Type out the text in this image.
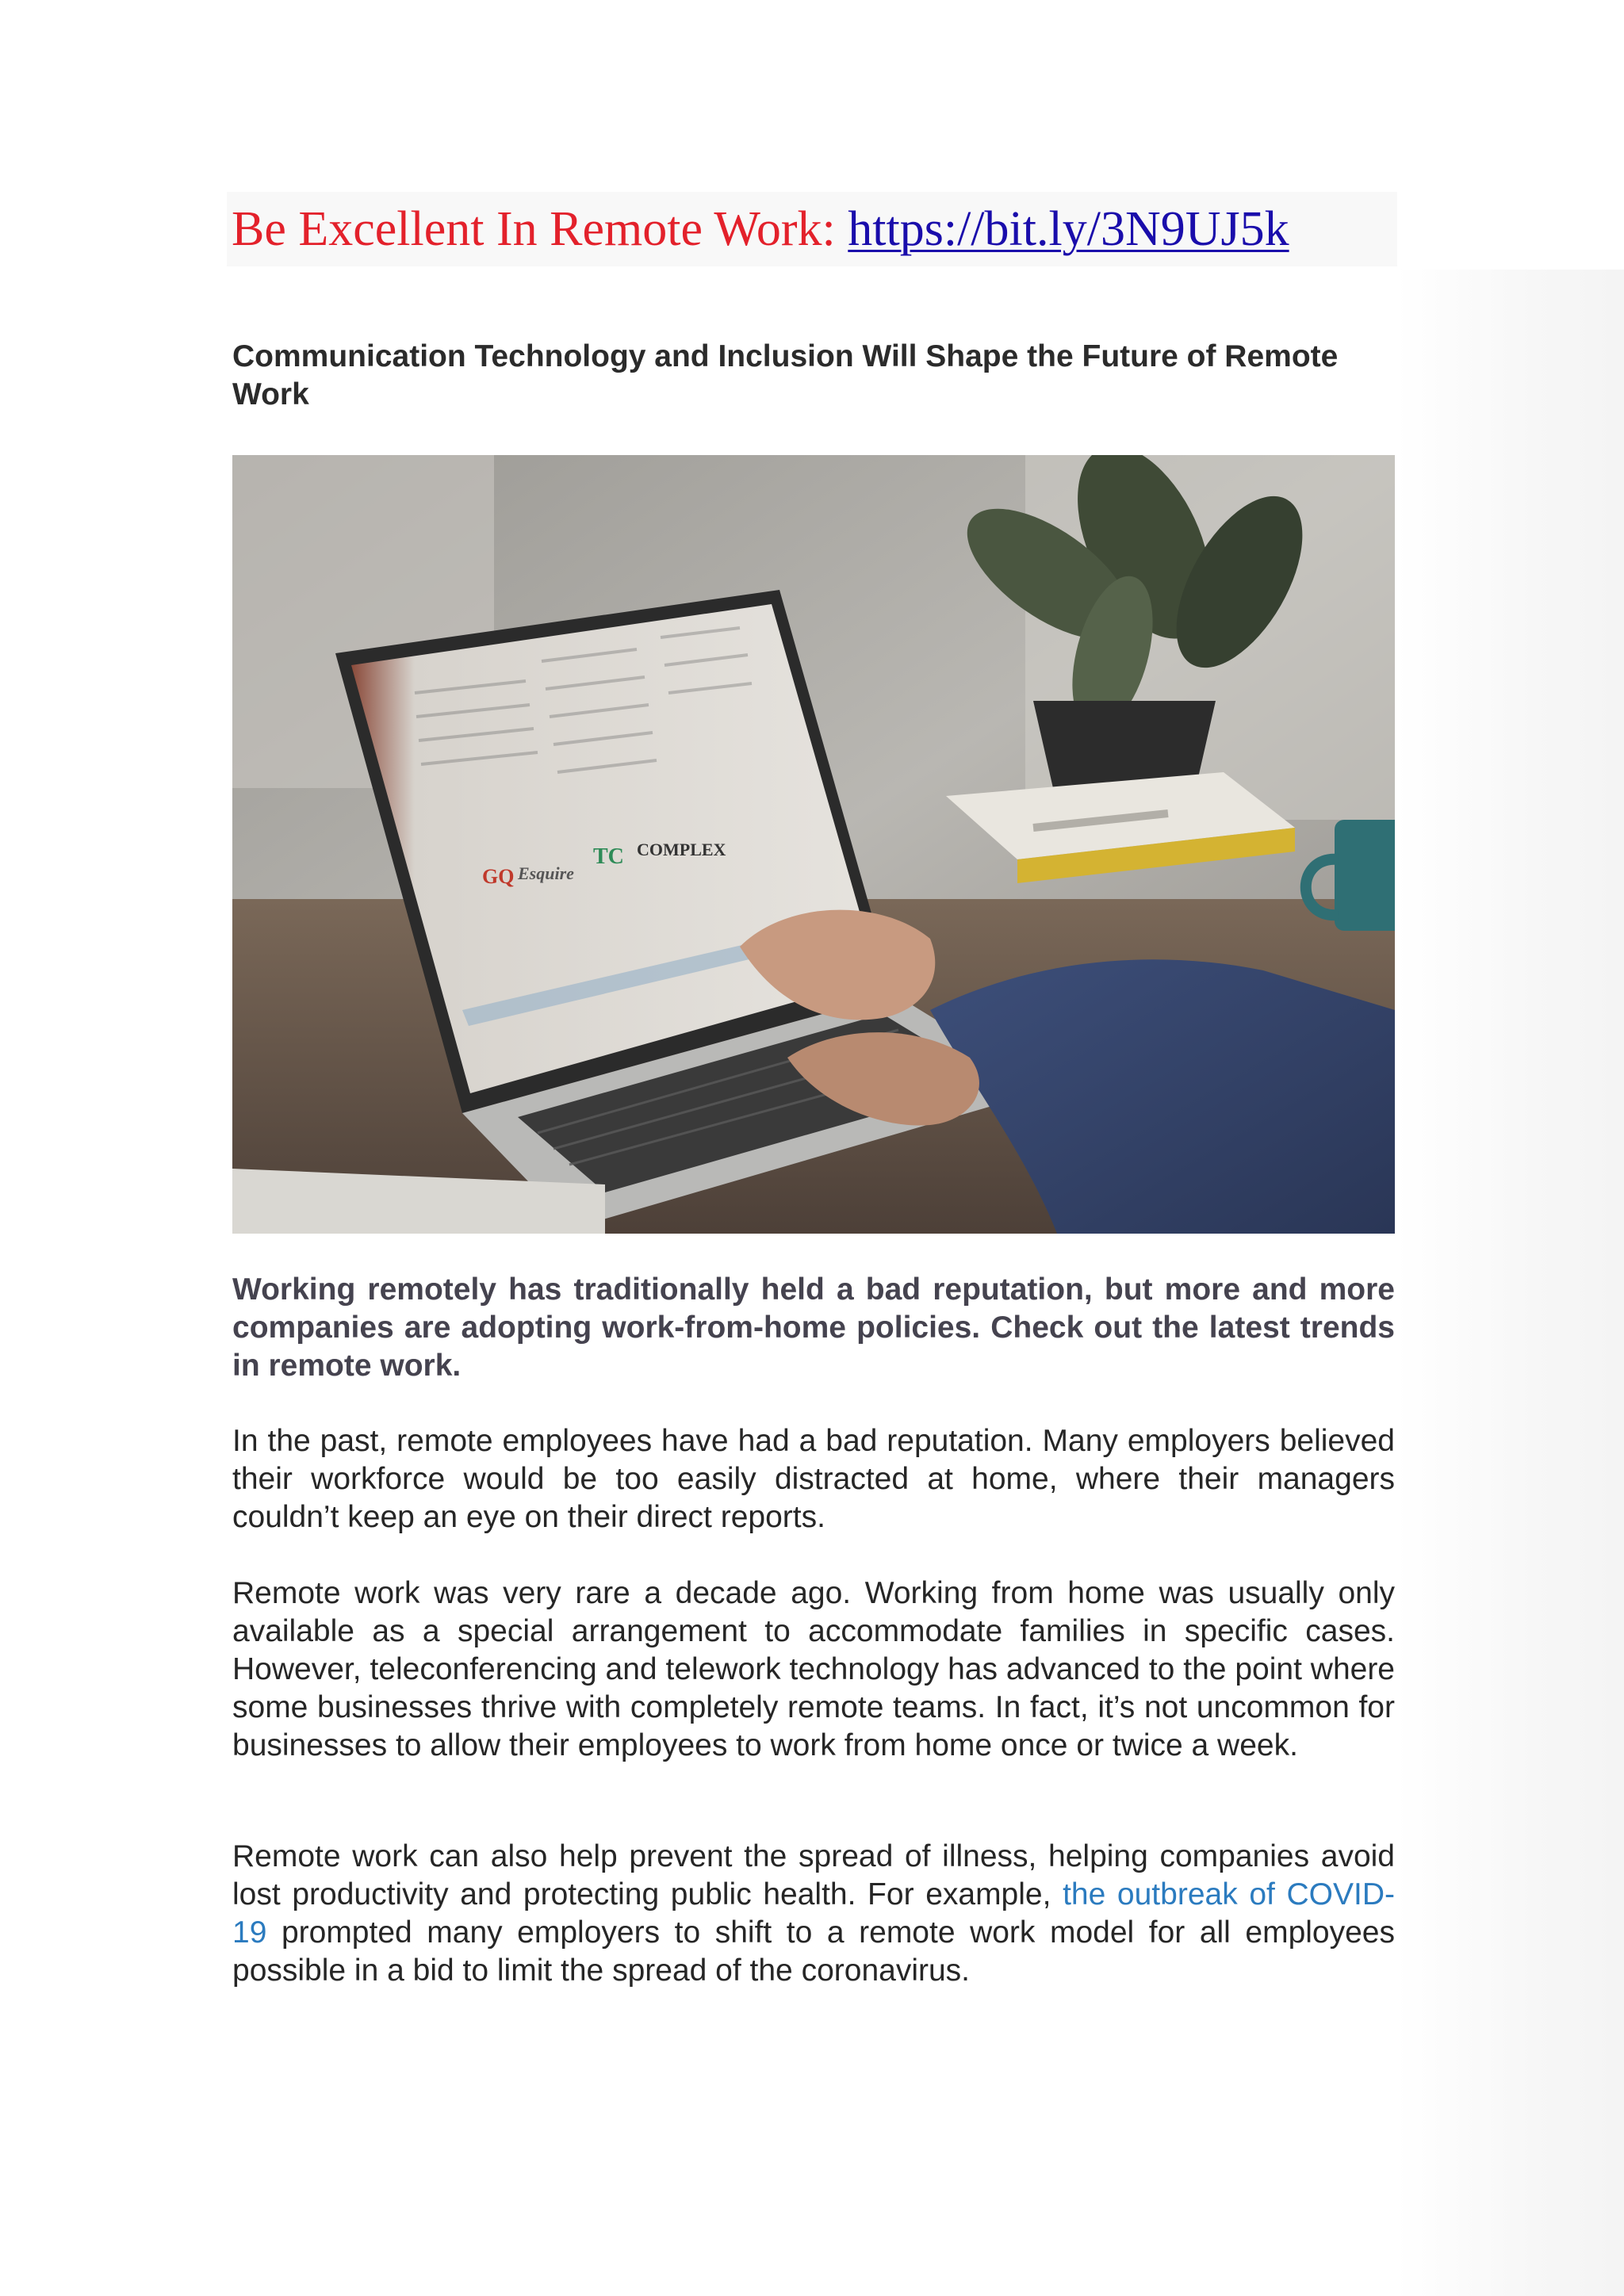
Be Excellent In Remote Work: https://bit.ly/3N9UJ5k
Communication Technology and Inclusion Will Shape the Future of Remote Work
GQ Esquire
TC COMPLEX

Working remotely has traditionally held a bad reputation, but more and more companies are adopting work-from-home policies. Check out the latest trends in remote work.

In the past, remote employees have had a bad reputation. Many employers believed their workforce would be too easily distracted at home, where their managers couldn’t keep an eye on their direct reports.

Remote work was very rare a decade ago. Working from home was usually only available as a special arrangement to accommodate families in specific cases. However, teleconferencing and telework technology has advanced to the point where some businesses thrive with completely remote teams. In fact, it’s not uncommon for businesses to allow their employees to work from home once or twice a week.

Remote work can also help prevent the spread of illness, helping companies avoid lost productivity and protecting public health. For example, the outbreak of COVID-19 prompted many employers to shift to a remote work model for all employees possible in a bid to limit the spread of the coronavirus.
